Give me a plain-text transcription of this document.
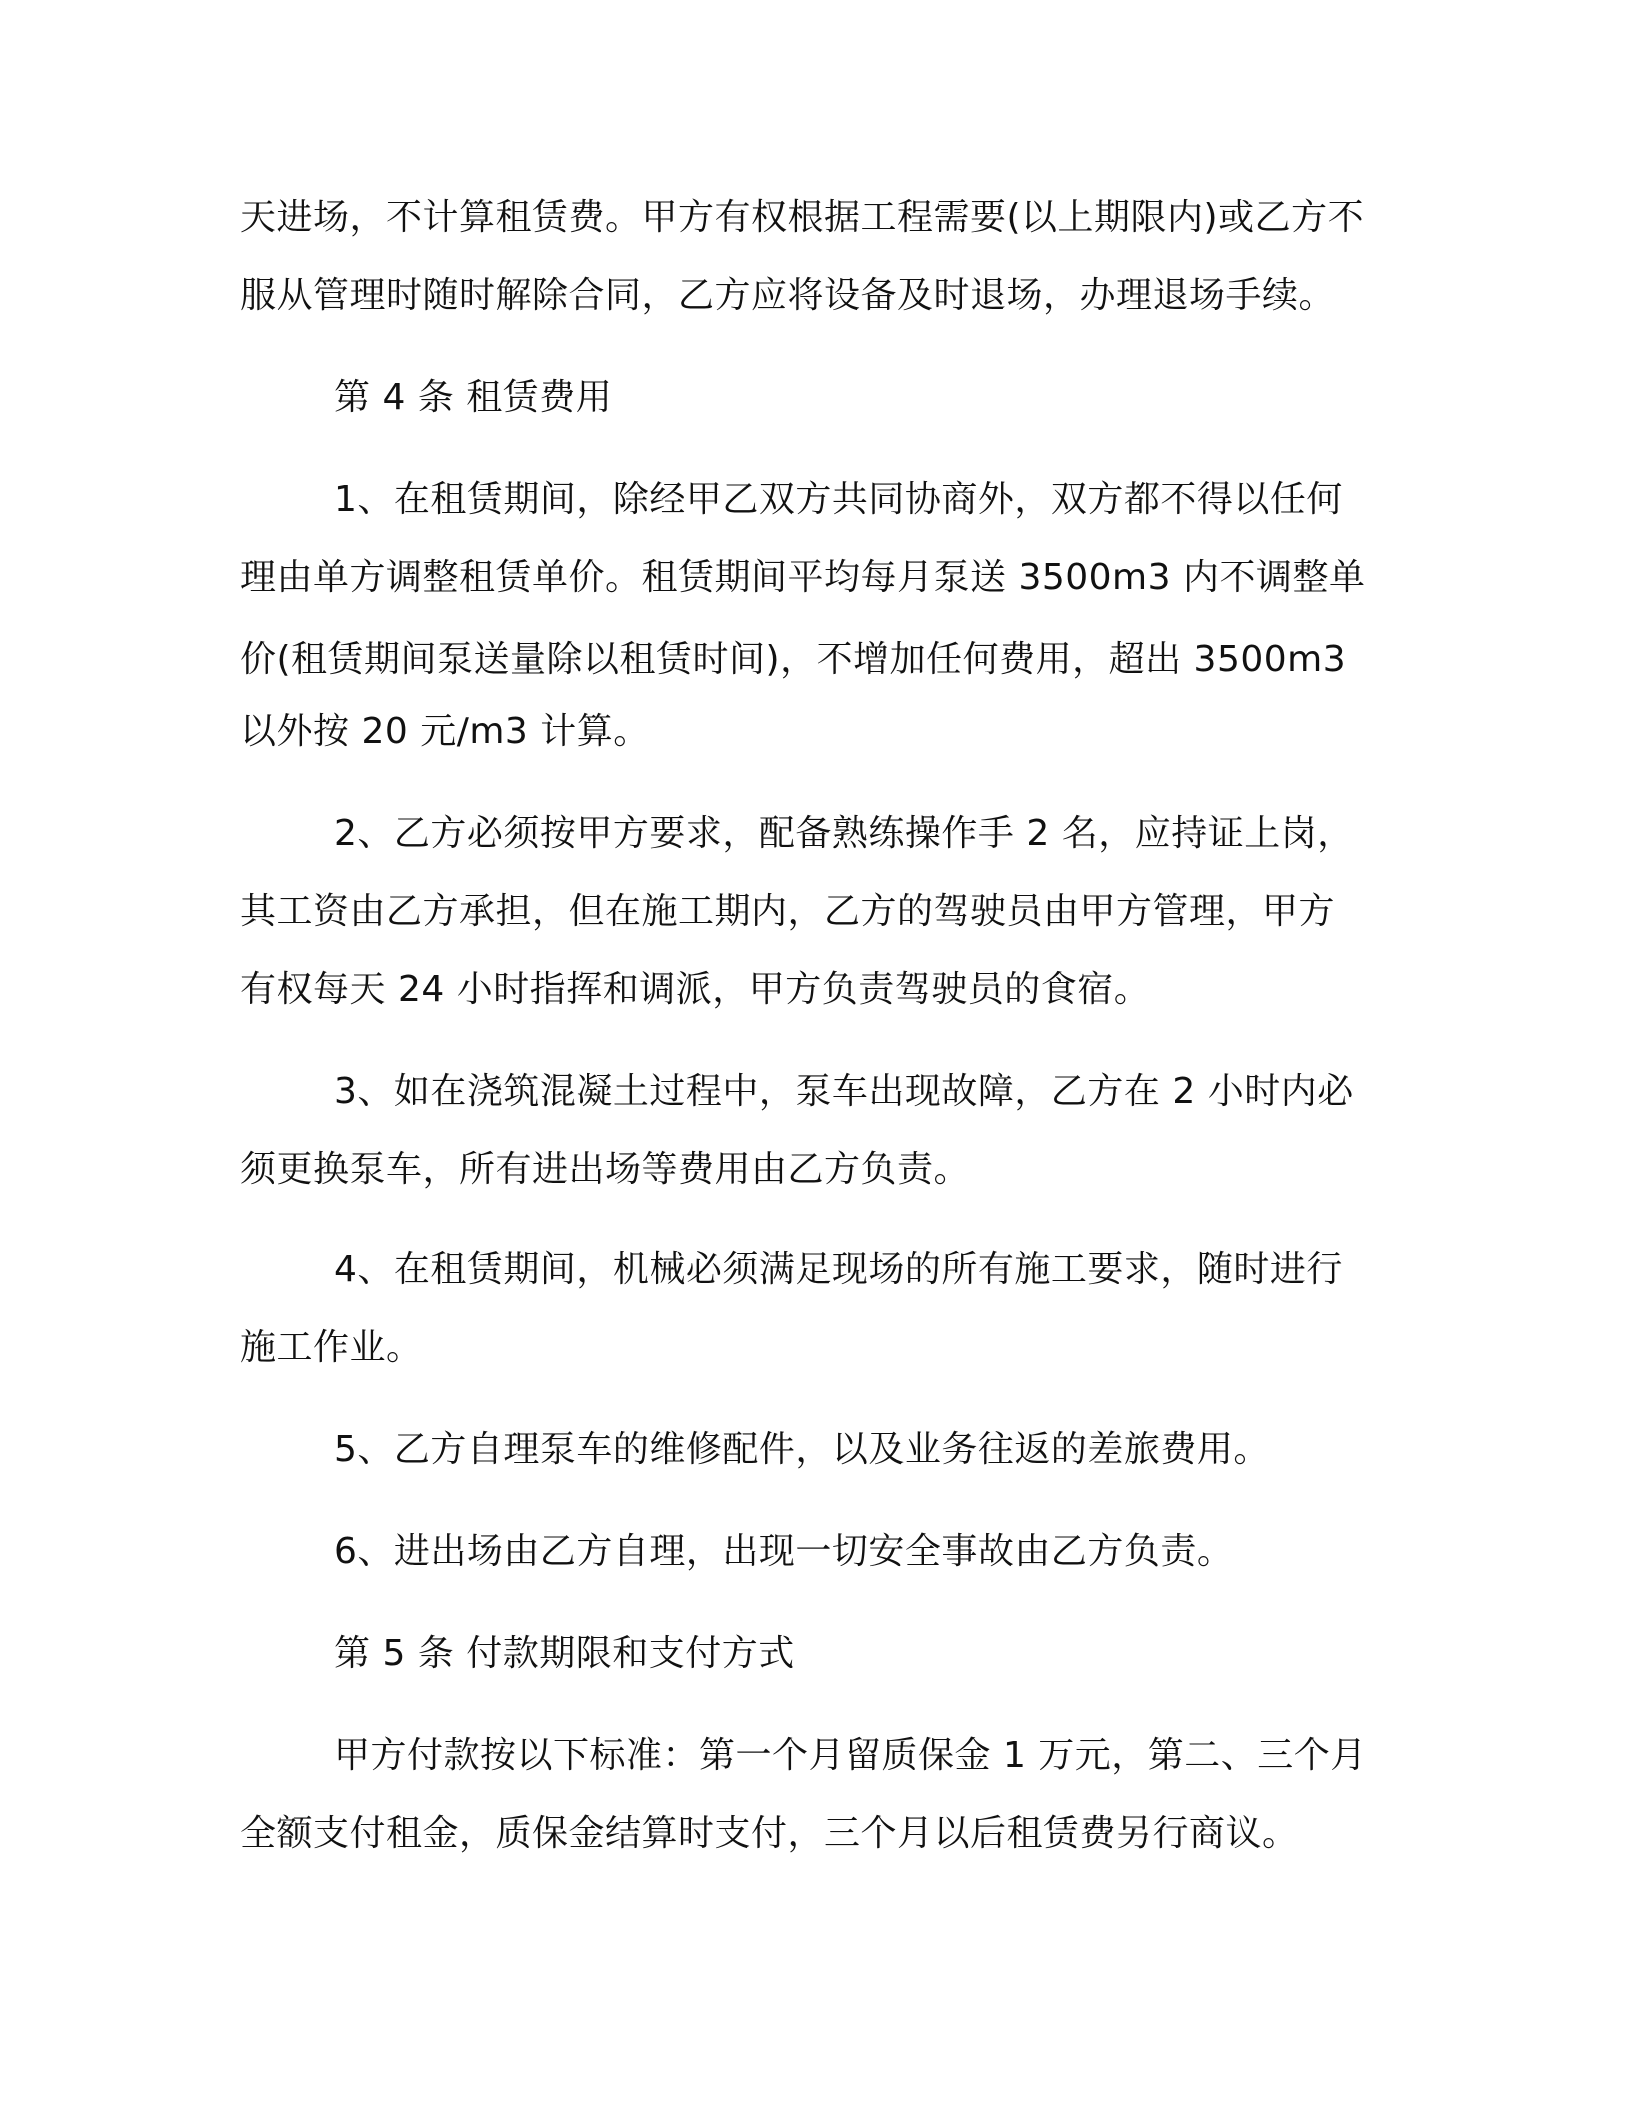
天进场，不计算租赁费。甲方有权根据工程需要(以上期限内)或乙方不
服从管理时随时解除合同，乙方应将设备及时退场，办理退场手续。
第 4 条 租赁费用
1、在租赁期间，除经甲乙双方共同协商外，双方都不得以任何
理由单方调整租赁单价。租赁期间平均每月泵送 3500m3 内不调整单
价(租赁期间泵送量除以租赁时间)，不增加任何费用，超出 3500m3
以外按 20 元/m3 计算。
2、乙方必须按甲方要求，配备熟练操作手 2 名，应持证上岗，
其工资由乙方承担，但在施工期内，乙方的驾驶员由甲方管理，甲方
有权每天 24 小时指挥和调派，甲方负责驾驶员的食宿。
3、如在浇筑混凝土过程中，泵车出现故障，乙方在 2 小时内必
须更换泵车，所有进出场等费用由乙方负责。
4、在租赁期间，机械必须满足现场的所有施工要求，随时进行
施工作业。
5、乙方自理泵车的维修配件，以及业务往返的差旅费用。
6、进出场由乙方自理，出现一切安全事故由乙方负责。
第 5 条 付款期限和支付方式
甲方付款按以下标准：第一个月留质保金 1 万元，第二、三个月
全额支付租金，质保金结算时支付，三个月以后租赁费另行商议。
